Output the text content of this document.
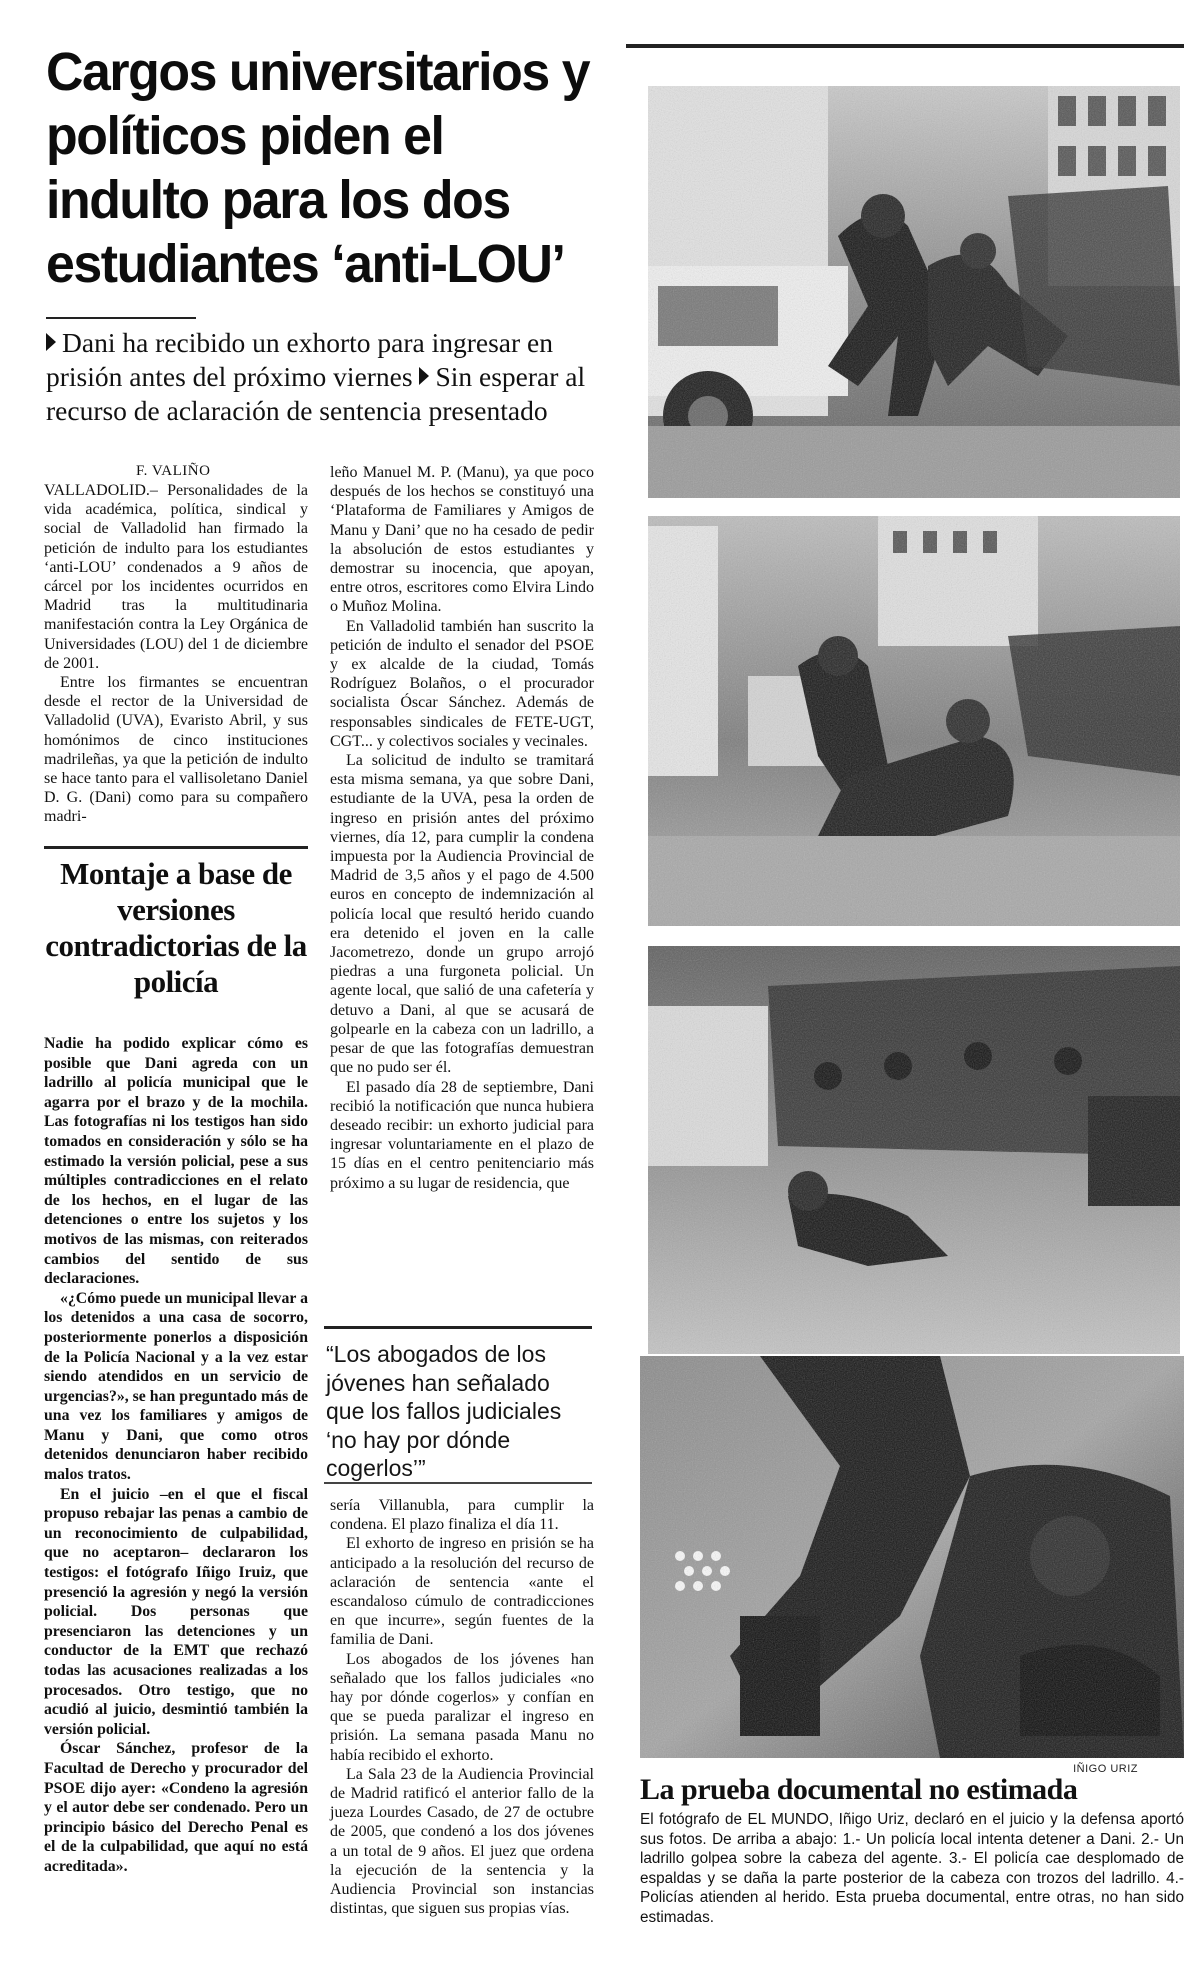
Cargos universitarios y políticos piden el indulto para los dos estudiantes ‘anti-LOU’

Dani ha recibido un exhorto para ingresar en prisión antes del próximo viernes Sin esperar al recurso de aclaración de sentencia presentado

F. VALIÑO

VALLADOLID.– Personalidades de la vida académica, política, sindical y social de Valladolid han firmado la petición de indulto para los estudiantes ‘anti-LOU’ condenados a 9 años de cárcel por los incidentes ocurridos en Madrid tras la multitudinaria manifestación contra la Ley Orgánica de Universidades (LOU) del 1 de diciembre de 2001.

Entre los firmantes se encuentran desde el rector de la Universidad de Valladolid (UVA), Evaristo Abril, y sus homónimos de cinco instituciones madrileñas, ya que la petición de indulto se hace tanto para el vallisoletano Daniel D. G. (Dani) como para su compañero madri-

Montaje a base de versiones contradictorias de la policía

Nadie ha podido explicar cómo es posible que Dani agreda con un ladrillo al policía municipal que le agarra por el brazo y de la mochila. Las fotografías ni los testigos han sido tomados en consideración y sólo se ha estimado la versión policial, pese a sus múltiples contradicciones en el relato de los hechos, en el lugar de las detenciones o entre los sujetos y los motivos de las mismas, con reiterados cambios del sentido de sus declaraciones.

«¿Cómo puede un municipal llevar a los detenidos a una casa de socorro, posteriormente ponerlos a disposición de la Policía Nacional y a la vez estar siendo atendidos en un servicio de urgencias?», se han preguntado más de una vez los familiares y amigos de Manu y Dani, que como otros detenidos denunciaron haber recibido malos tratos.

En el juicio –en el que el fiscal propuso rebajar las penas a cambio de un reconocimiento de culpabilidad, que no aceptaron– declararon los testigos: el fotógrafo Iñigo Iruiz, que presenció la agresión y negó la versión policial. Dos personas que presenciaron las detenciones y un conductor de la EMT que rechazó todas las acusaciones realizadas a los procesados. Otro testigo, que no acudió al juicio, desmintió también la versión policial.

Óscar Sánchez, profesor de la Facultad de Derecho y procurador del PSOE dijo ayer: «Condeno la agresión y el autor debe ser condenado. Pero un principio básico del Derecho Penal es el de la culpabilidad, que aquí no está acreditada».

leño Manuel M. P. (Manu), ya que poco después de los hechos se constituyó una ‘Plataforma de Familiares y Amigos de Manu y Dani’ que no ha cesado de pedir la absolución de estos estudiantes y demostrar su inocencia, que apoyan, entre otros, escritores como Elvira Lindo o Muñoz Molina.

En Valladolid también han suscrito la petición de indulto el senador del PSOE y ex alcalde de la ciudad, Tomás Rodríguez Bolaños, o el procurador socialista Óscar Sánchez. Además de responsables sindicales de FETE-UGT, CGT... y colectivos sociales y vecinales.

La solicitud de indulto se tramitará esta misma semana, ya que sobre Dani, estudiante de la UVA, pesa la orden de ingreso en prisión antes del próximo viernes, día 12, para cumplir la condena impuesta por la Audiencia Provincial de Madrid de 3,5 años y el pago de 4.500 euros en concepto de indemnización al policía local que resultó herido cuando era detenido el joven en la calle Jacometrezo, donde un grupo arrojó piedras a una furgoneta policial. Un agente local, que salió de una cafetería y detuvo a Dani, al que se acusará de golpearle en la cabeza con un ladrillo, a pesar de que las fotografías demuestran que no pudo ser él.

El pasado día 28 de septiembre, Dani recibió la notificación que nunca hubiera deseado recibir: un exhorto judicial para ingresar voluntariamente en el plazo de 15 días en el centro penitenciario más próximo a su lugar de residencia, que

“Los abogados de los jóvenes han señalado que los fallos judiciales ‘no hay por dónde cogerlos’”

sería Villanubla, para cumplir la condena. El plazo finaliza el día 11.

El exhorto de ingreso en prisión se ha anticipado a la resolución del recurso de aclaración de sentencia «ante el escandaloso cúmulo de contradicciones en que incurre», según fuentes de la familia de Dani.

Los abogados de los jóvenes han señalado que los fallos judiciales «no hay por dónde cogerlos» y confían en que se pueda paralizar el ingreso en prisión. La semana pasada Manu no había recibido el exhorto.

La Sala 23 de la Audiencia Provincial de Madrid ratificó el anterior fallo de la jueza Lourdes Casado, de 27 de octubre de 2005, que condenó a los dos jóvenes a un total de 9 años. El juez que ordena la ejecución de la sentencia y la Audiencia Provincial son instancias distintas, que siguen sus propias vías.

IÑIGO URIZ
La prueba documental no estimada

El fotógrafo de EL MUNDO, Iñigo Uriz, declaró en el juicio y la defensa aportó sus fotos. De arriba a abajo: 1.- Un policía local intenta detener a Dani. 2.- Un ladrillo golpea sobre la cabeza del agente. 3.- El policía cae desplomado de espaldas y se daña la parte posterior de la cabeza con trozos del ladrillo. 4.- Policías atienden al herido. Esta prueba documental, entre otras, no han sido estimadas.
